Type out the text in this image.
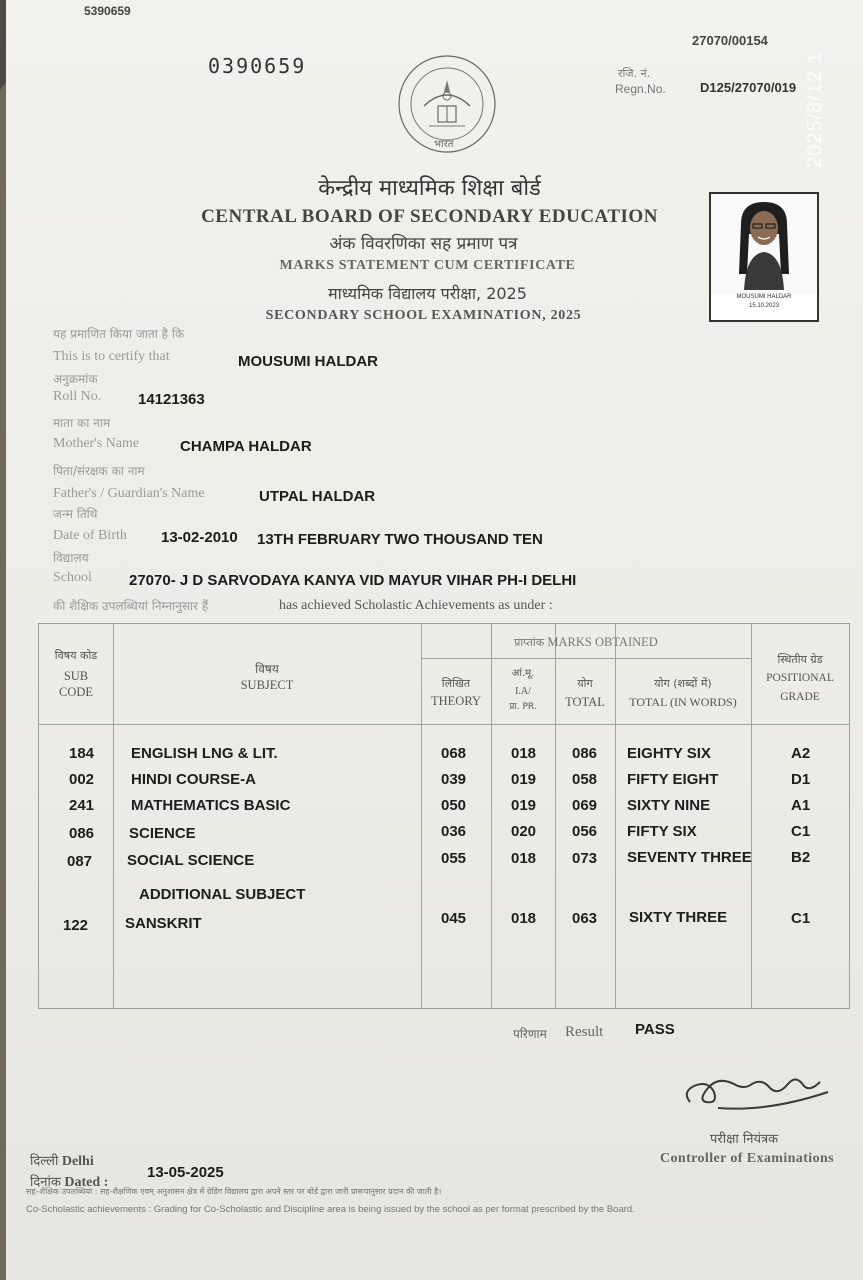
5390659
27070/00154
0390659	रजि. नं.
Regn.No.	D125/27070/019 2025/8/12 1
भारत
केन्द्रीय माध्यमिक शिक्षा बोर्ड
CENTRAL BOARD OF SECONDARY EDUCATION
अंक विवरणिका सह प्रमाण पत्र
MARKS STATEMENT CUM CERTIFICATE
माध्यमिक विद्यालय परीक्षा, 2025
SECONDARY SCHOOL EXAMINATION, 2025
MOUSUMI HALDAR
15.10.2023
यह प्रमाणित किया जाता है कि
This is to certify that	MOUSUMI HALDAR
अनुक्रमांक
Roll No. 14121363
माता का नाम
Mother's Name	CHAMPA HALDAR
पिता/संरक्षक का नाम
Father's / Guardian's Name	UTPAL HALDAR
जन्म तिथि
Date of Birth 13-02-2010 13TH FEBRUARY TWO THOUSAND TEN
विद्यालय
School 27070- J D SARVODAYA KANYA VID MAYUR VIHAR PH-I DELHI
की शैक्षिक उपलब्धियां निम्नानुसार हैं	has achieved Scholastic Achievements as under :
विषय कोड
SUB
CODE
विषय
SUBJECT
प्राप्तांक MARKS OBTAINED
लिखित
THEORY
आं.मू.
I.A/
प्रा. PR.
योग
TOTAL
योग (शब्दों में)
TOTAL (IN WORDS)
स्थितीय ग्रेड
POSITIONAL
GRADE
184 ENGLISH LNG & LIT.	068	018 086 EIGHTY SIX	A2
002 HINDI COURSE-A	039	019 058 FIFTY EIGHT	D1
241 MATHEMATICS BASIC	050	019 069 SIXTY NINE	A1
086 SCIENCE	036	020 056 FIFTY SIX	C1
087 SOCIAL SCIENCE	055	018 073 SEVENTY THREE	B2
ADDITIONAL SUBJECT
122 SANSKRIT	045	018 063 SIXTY THREE	C1
परिणाम Result PASS
परीक्षा नियंत्रक
Controller of Examinations
दिल्ली Delhi
दिनांक Dated :
13-05-2025
सह–शैक्षिक उपलब्धियां : सह-शैक्षणिक एवम् अनुशासन क्षेत्र में ग्रेडिंग विद्यालय द्वारा अपने स्तर पर बोर्ड द्वारा जारी प्रारूपानुसार प्रदान की जाती है।
Co-Scholastic achievements : Grading for Co-Scholastic and Discipline area is being issued by the school as per format prescribed by the Board.
